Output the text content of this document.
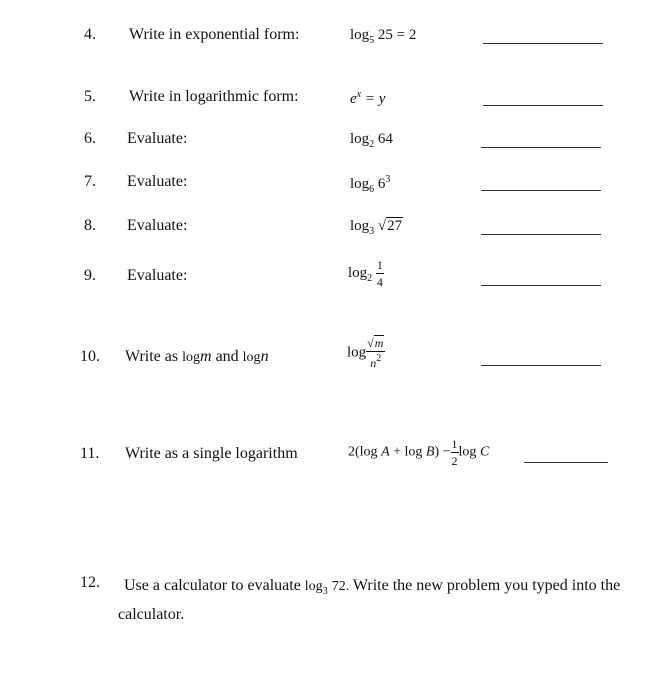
4. Write in exponential form:	$\log_5 25 = 2$
5. Write in logarithmic form:	$e^x = y$
6. Evaluate:	$\log_2 64$
7. Evaluate:	$\log_6 6^3$
8. Evaluate:	$\log_3 √27$
9. Evaluate:	$\log_2 \frac{1}{4}$
10. Write as logm and logn	$\log \frac{√m}{n^2}$
11. Write as a single logarithm	2(log $A + \log B) - \frac{1}{2}$ log C
12.	Use a calculator to evaluate $\log_3 72$. Write the new problem you typed into the calculator.
